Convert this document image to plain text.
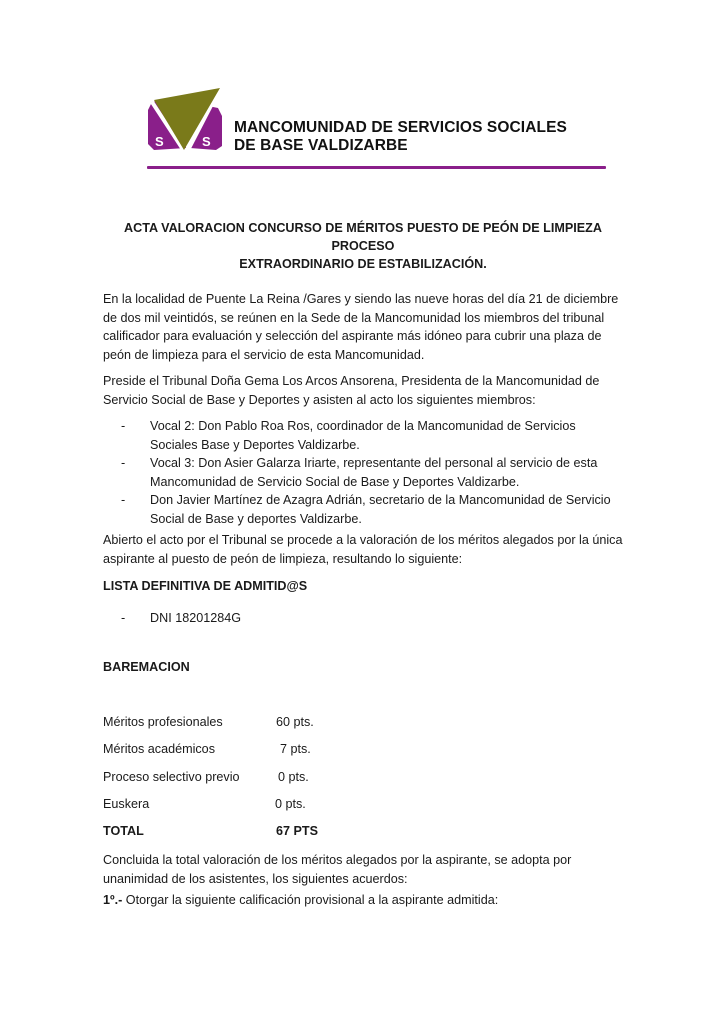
S	S
MANCOMUNIDAD DE SERVICIOS SOCIALES
DE BASE VALDIZARBE
ACTA VALORACION CONCURSO DE MÉRITOS PUESTO DE PEÓN DE LIMPIEZA PROCESO
EXTRAORDINARIO DE ESTABILIZACIÓN.
En la localidad de Puente La Reina /Gares y siendo las nueve horas del día 21 de diciembre de dos mil veintidós, se reúnen en la Sede de la Mancomunidad los miembros del tribunal calificador para evaluación y selección del aspirante más idóneo para cubrir una plaza de peón de limpieza para el servicio de esta Mancomunidad.
Preside el Tribunal Doña Gema Los Arcos Ansorena, Presidenta de la Mancomunidad de Servicio Social de Base y Deportes y asisten al acto los siguientes miembros:
- Vocal 2: Don Pablo Roa Ros, coordinador de la Mancomunidad de Servicios Sociales Base y Deportes Valdizarbe.
- Vocal 3: Don Asier Galarza Iriarte, representante del personal al servicio de esta Mancomunidad de Servicio Social de Base y Deportes Valdizarbe.
- Don Javier Martínez de Azagra Adrián, secretario de la Mancomunidad de Servicio Social de Base y deportes Valdizarbe.
Abierto el acto por el Tribunal se procede a la valoración de los méritos alegados por la única aspirante al puesto de peón de limpieza, resultando lo siguiente:
LISTA DEFINITIVA DE ADMITID@S
- DNI 18201284G
BAREMACION
Méritos profesionales	60 pts.
Méritos académicos	7 pts.
Proceso selectivo previo	0 pts.
Euskera	0 pts.
TOTAL	67 PTS
Concluida la total valoración de los méritos alegados por la aspirante, se adopta por unanimidad de los asistentes, los siguientes acuerdos:
1º.- Otorgar la siguiente calificación provisional a la aspirante admitida:
